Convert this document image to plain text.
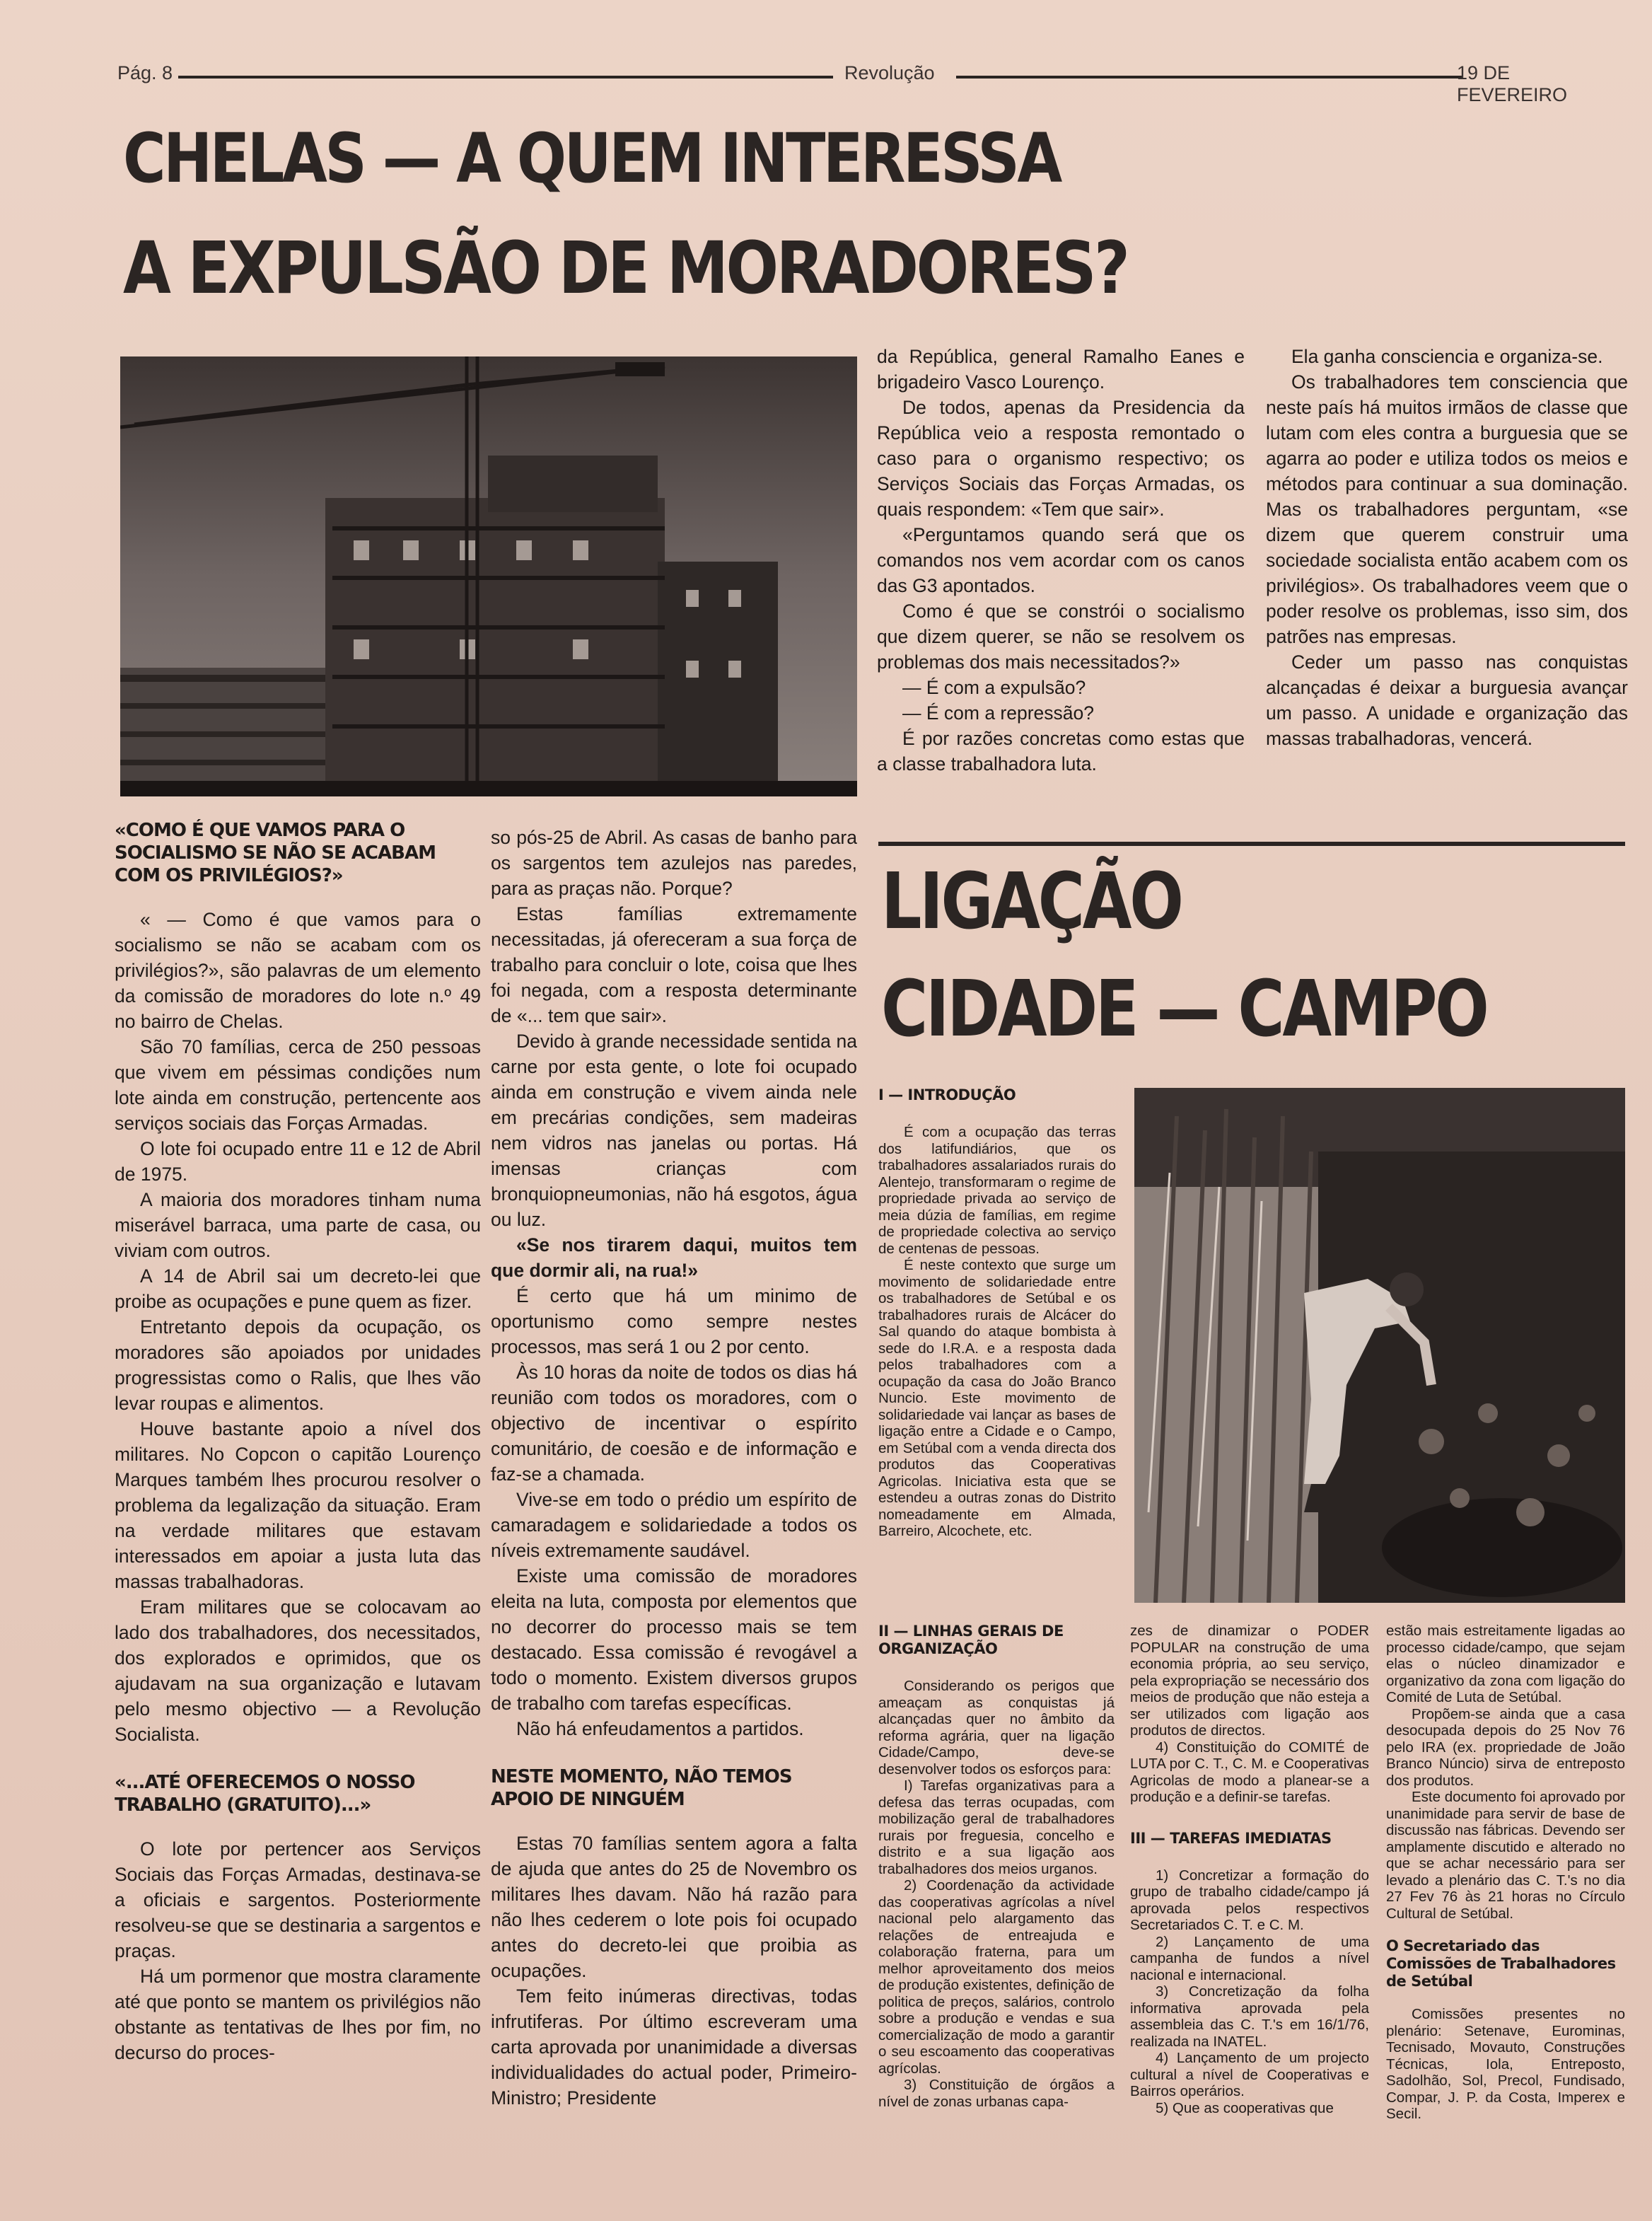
Pág. 8	Revolução	19 DE FEVEREIRO
CHELAS — A QUEM INTERESSA
A EXPULSÃO DE MORADORES?

«COMO É QUE VAMOS PARA O SOCIALISMO SE NÃO SE ACABAM COM OS PRIVILÉGIOS?»

« — Como é que vamos para o socialismo se não se acabam com os privilégios?», são palavras de um elemento da comissão de moradores do lote n.º 49 no bairro de Chelas.

São 70 famílias, cerca de 250 pessoas que vivem em péssimas condições num lote ainda em construção, pertencente aos serviços sociais das Forças Armadas.

O lote foi ocupado entre 11 e 12 de Abril de 1975.

A maioria dos moradores tinham numa miserável barraca, uma parte de casa, ou viviam com outros.

A 14 de Abril sai um decreto-lei que proibe as ocupações e pune quem as fizer.

Entretanto depois da ocupação, os moradores são apoiados por unidades progressistas como o Ralis, que lhes vão levar roupas e alimentos.

Houve bastante apoio a nível dos militares. No Copcon o capitão Lourenço Marques também lhes procurou resolver o problema da legalização da situação. Eram na verdade militares que estavam interessados em apoiar a justa luta das massas trabalhadoras.

Eram militares que se colocavam ao lado dos trabalhadores, dos necessitados, dos explorados e oprimidos, que os ajudavam na sua organização e lutavam pelo mesmo objectivo — a Revolução Socialista.

«...ATÉ OFERECEMOS O NOSSO TRABALHO (GRATUITO)...»

O lote por pertencer aos Serviços Sociais das Forças Armadas, destinava-se a oficiais e sargentos. Posteriormente resolveu-se que se destinaria a sargentos e praças.

Há um pormenor que mostra claramente até que ponto se mantem os privilégios não obstante as tentativas de lhes por fim, no decurso do proces-

so pós-25 de Abril. As casas de banho para os sargentos tem azulejos nas paredes, para as praças não. Porque?

Estas famílias extremamente necessitadas, já ofereceram a sua força de trabalho para concluir o lote, coisa que lhes foi negada, com a resposta determinante de «... tem que sair».

Devido à grande necessidade sentida na carne por esta gente, o lote foi ocupado ainda em construção e vivem ainda nele em precárias condições, sem madeiras nem vidros nas janelas ou portas. Há imensas crianças com bronquiopneumonias, não há esgotos, água ou luz.

«Se nos tirarem daqui, muitos tem que dormir ali, na rua!»

É certo que há um minimo de oportunismo como sempre nestes processos, mas será 1 ou 2 por cento.

Às 10 horas da noite de todos os dias há reunião com todos os moradores, com o objectivo de incentivar o espírito comunitário, de coesão e de informação e faz-se a chamada.

Vive-se em todo o prédio um espírito de camaradagem e solidariedade a todos os níveis extremamente saudável.

Existe uma comissão de moradores eleita na luta, composta por elementos que no decorrer do processo mais se tem destacado. Essa comissão é revogável a todo o momento. Existem diversos grupos de trabalho com tarefas específicas.

Não há enfeudamentos a partidos.

NESTE MOMENTO, NÃO TEMOS APOIO DE NINGUÉM

Estas 70 famílias sentem agora a falta de ajuda que antes do 25 de Novembro os militares lhes davam. Não há razão para não lhes cederem o lote pois foi ocupado antes do decreto-lei que proibia as ocupações.

Tem feito inúmeras directivas, todas infrutiferas. Por último escreveram uma carta aprovada por unanimidade a diversas individualidades do actual poder, Primeiro-Ministro; Presidente

da República, general Ramalho Eanes e brigadeiro Vasco Lourenço.

De todos, apenas da Presidencia da República veio a resposta remontado o caso para o organismo respectivo; os Serviços Sociais das Forças Armadas, os quais respondem: «Tem que sair».

«Perguntamos quando será que os comandos nos vem acordar com os canos das G3 apontados.

Como é que se constrói o socialismo que dizem querer, se não se resolvem os problemas dos mais necessitados?»

— É com a expulsão?

— É com a repressão?

É por razões concretas como estas que a classe trabalhadora luta.

Ela ganha consciencia e organiza-se.

Os trabalhadores tem consciencia que neste país há muitos irmãos de classe que lutam com eles contra a burguesia que se agarra ao poder e utiliza todos os meios e métodos para continuar a sua dominação. Mas os trabalhadores perguntam, «se dizem que querem construir uma sociedade socialista então acabem com os privilégios». Os trabalhadores veem que o poder resolve os problemas, isso sim, dos patrões nas empresas.

Ceder um passo nas conquistas alcançadas é deixar a burguesia avançar um passo. A unidade e organização das massas trabalhadoras, vencerá.

LIGAÇÃO
CIDADE — CAMPO

I — INTRODUÇÃO

É com a ocupação das terras dos latifundiários, que os trabalhadores assalariados rurais do Alentejo, transformaram o regime de propriedade privada ao serviço de meia dúzia de famílias, em regime de propriedade colectiva ao serviço de centenas de pessoas.

É neste contexto que surge um movimento de solidariedade entre os trabalhadores de Setúbal e os trabalhadores rurais de Alcácer do Sal quando do ataque bombista à sede do I.R.A. e a resposta dada pelos trabalhadores com a ocupação da casa do João Branco Nuncio. Este movimento de solidariedade vai lançar as bases de ligação entre a Cidade e o Campo, em Setúbal com a venda directa dos produtos das Cooperativas Agricolas. Iniciativa esta que se estendeu a outras zonas do Distrito nomeadamente em Almada, Barreiro, Alcochete, etc.

II — LINHAS GERAIS DE ORGANIZAÇÃO

Considerando os perigos que ameaçam as conquistas já alcançadas quer no âmbito da reforma agrária, quer na ligação Cidade/Campo, deve-se desenvolver todos os esforços para:

I) Tarefas organizativas para a defesa das terras ocupadas, com mobilização geral de trabalhadores rurais por freguesia, concelho e distrito e a sua ligação aos trabalhadores dos meios urganos.

2) Coordenação da actividade das cooperativas agrícolas a nível nacional pelo alargamento das relações de entreajuda e colaboração fraterna, para um melhor aproveitamento dos meios de produção existentes, definição de politica de preços, salários, controlo sobre a produção e vendas e sua comercialização de modo a garantir o seu escoamento das cooperativas agrícolas.

3) Constituição de órgãos a nível de zonas urbanas capa-

zes de dinamizar o PODER POPULAR na construção de uma economia própria, ao seu serviço, pela expropriação se necessário dos meios de produção que não esteja a ser utilizados com ligação aos produtos de directos.

4) Constituição do COMITÉ de LUTA por C. T., C. M. e Cooperativas Agricolas de modo a planear-se a produção e a definir-se tarefas.

III — TAREFAS IMEDIATAS

1) Concretizar a formação do grupo de trabalho cidade/campo já aprovada pelos respectivos Secretariados C. T. e C. M.

2) Lançamento de uma campanha de fundos a nível nacional e internacional.

3) Concretização da folha informativa aprovada pela assembleia das C. T.'s em 16/1/76, realizada na INATEL.

4) Lançamento de um projecto cultural a nível de Cooperativas e Bairros operários.

5) Que as cooperativas que

estão mais estreitamente ligadas ao processo cidade/campo, que sejam elas o núcleo dinamizador e organizativo da zona com ligação do Comité de Luta de Setúbal.

Propõem-se ainda que a casa desocupada depois do 25 Nov 76 pelo IRA (ex. propriedade de João Branco Núncio) sirva de entreposto dos produtos.

Este documento foi aprovado por unanimidade para servir de base de discussão nas fábricas. Devendo ser amplamente discutido e alterado no que se achar necessário para ser levado a plenário das C. T.'s no dia 27 Fev 76 às 21 horas no Círculo Cultural de Setúbal.

O Secretariado das Comissões de Trabalhadores de Setúbal

Comissões presentes no plenário: Setenave, Eurominas, Tecnisado, Movauto, Construções Técnicas, Iola, Entreposto, Sadolhão, Sol, Precol, Fundisado, Compar, J. P. da Costa, Imperex e Secil.
